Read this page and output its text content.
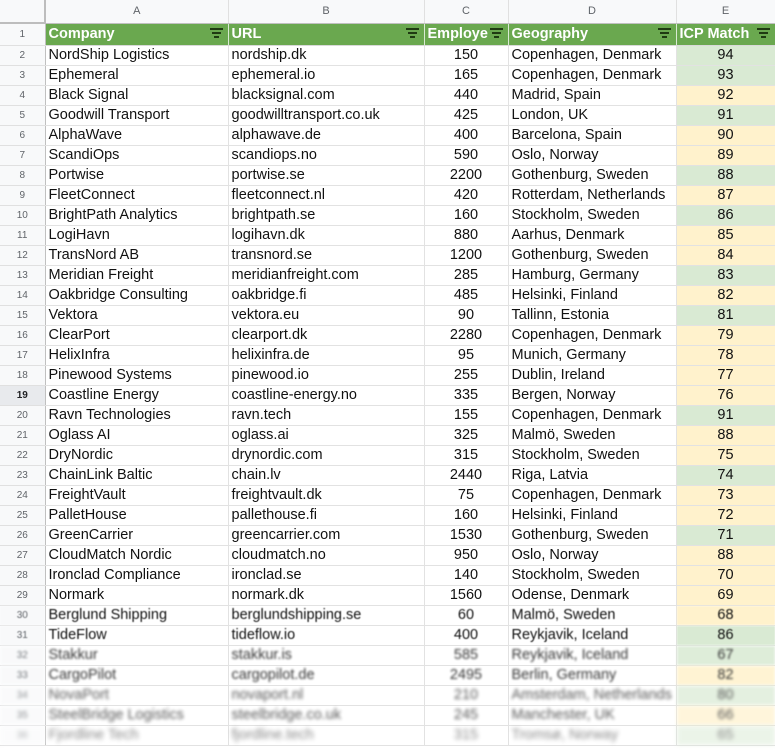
	A	B	C	D	E
1	Company	URL	Employe	Geography	ICP Match

2	NordShip Logistics	nordship.dk	150	Copenhagen, Denmark	94
3	Ephemeral	ephemeral.io	165	Copenhagen, Denmark	93
4	Black Signal	blacksignal.com	440	Madrid, Spain	92
5	Goodwill Transport	goodwilltransport.co.uk	425	London, UK	91
6	AlphaWave	alphawave.de	400	Barcelona, Spain	90
7	ScandiOps	scandiops.no	590	Oslo, Norway	89
8	Portwise	portwise.se	2200	Gothenburg, Sweden	88
9	FleetConnect	fleetconnect.nl	420	Rotterdam, Netherlands	87
10	BrightPath Analytics	brightpath.se	160	Stockholm, Sweden	86
11	LogiHavn	logihavn.dk	880	Aarhus, Denmark	85
12	TransNord AB	transnord.se	1200	Gothenburg, Sweden	84
13	Meridian Freight	meridianfreight.com	285	Hamburg, Germany	83
14	Oakbridge Consulting	oakbridge.fi	485	Helsinki, Finland	82
15	Vektora	vektora.eu	90	Tallinn, Estonia	81
16	ClearPort	clearport.dk	2280	Copenhagen, Denmark	79
17	HelixInfra	helixinfra.de	95	Munich, Germany	78
18	Pinewood Systems	pinewood.io	255	Dublin, Ireland	77
19	Coastline Energy	coastline-energy.no	335	Bergen, Norway	76
20	Ravn Technologies	ravn.tech	155	Copenhagen, Denmark	91
21	Oglass AI	oglass.ai	325	Malmö, Sweden	88
22	DryNordic	drynordic.com	315	Stockholm, Sweden	75
23	ChainLink Baltic	chain.lv	2440	Riga, Latvia	74
24	FreightVault	freightvault.dk	75	Copenhagen, Denmark	73
25	PalletHouse	pallethouse.fi	160	Helsinki, Finland	72
26	GreenCarrier	greencarrier.com	1530	Gothenburg, Sweden	71
27	CloudMatch Nordic	cloudmatch.no	950	Oslo, Norway	88
28	Ironclad Compliance	ironclad.se	140	Stockholm, Sweden	70
29	Normark	normark.dk	1560	Odense, Denmark	69
30	Berglund Shipping	berglundshipping.se	60	Malmö, Sweden	68
31	TideFlow	tideflow.io	400	Reykjavik, Iceland	86
32	Stakkur	stakkur.is	585	Reykjavik, Iceland	67
33	CargoPilot	cargopilot.de	2495	Berlin, Germany	82
34	NovaPort	novaport.nl	210	Amsterdam, Netherlands	80
35	SteelBridge Logistics	steelbridge.co.uk	245	Manchester, UK	66
36	Fjordline Tech	fjordline.tech	315	Tromsø, Norway	65
